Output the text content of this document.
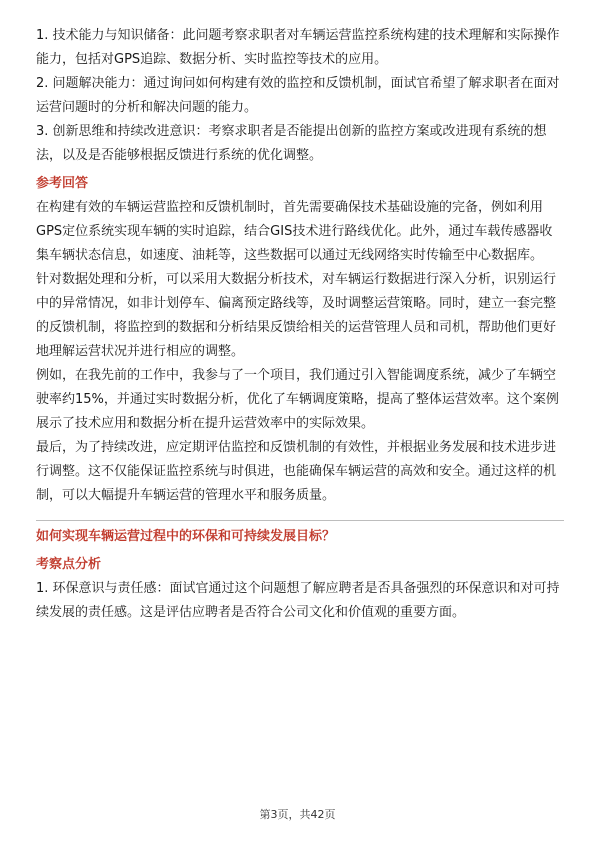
1. 技术能力与知识储备：此问题考察求职者对车辆运营监控系统构建的技术理解和实际操作能力，包括对GPS追踪、数据分析、实时监控等技术的应用。

2. 问题解决能力：通过询问如何构建有效的监控和反馈机制，面试官希望了解求职者在面对运营问题时的分析和解决问题的能力。

3. 创新思维和持续改进意识：考察求职者是否能提出创新的监控方案或改进现有系统的想法，以及是否能够根据反馈进行系统的优化调整。

参考回答

在构建有效的车辆运营监控和反馈机制时，首先需要确保技术基础设施的完备，例如利用GPS定位系统实现车辆的实时追踪，结合GIS技术进行路线优化。此外，通过车载传感器收集车辆状态信息，如速度、油耗等，这些数据可以通过无线网络实时传输至中心数据库。

针对数据处理和分析，可以采用大数据分析技术，对车辆运行数据进行深入分析，识别运行中的异常情况，如非计划停车、偏离预定路线等，及时调整运营策略。同时，建立一套完整的反馈机制，将监控到的数据和分析结果反馈给相关的运营管理人员和司机，帮助他们更好地理解运营状况并进行相应的调整。

例如，在我先前的工作中，我参与了一个项目，我们通过引入智能调度系统，减少了车辆空驶率约15%，并通过实时数据分析，优化了车辆调度策略，提高了整体运营效率。这个案例展示了技术应用和数据分析在提升运营效率中的实际效果。

最后，为了持续改进，应定期评估监控和反馈机制的有效性，并根据业务发展和技术进步进行调整。这不仅能保证监控系统与时俱进，也能确保车辆运营的高效和安全。通过这样的机制，可以大幅提升车辆运营的管理水平和服务质量。

如何实现车辆运营过程中的环保和可持续发展目标？
考察点分析

1. 环保意识与责任感：面试官通过这个问题想了解应聘者是否具备强烈的环保意识和对可持续发展的责任感。这是评估应聘者是否符合公司文化和价值观的重要方面。

第3页，共42页
